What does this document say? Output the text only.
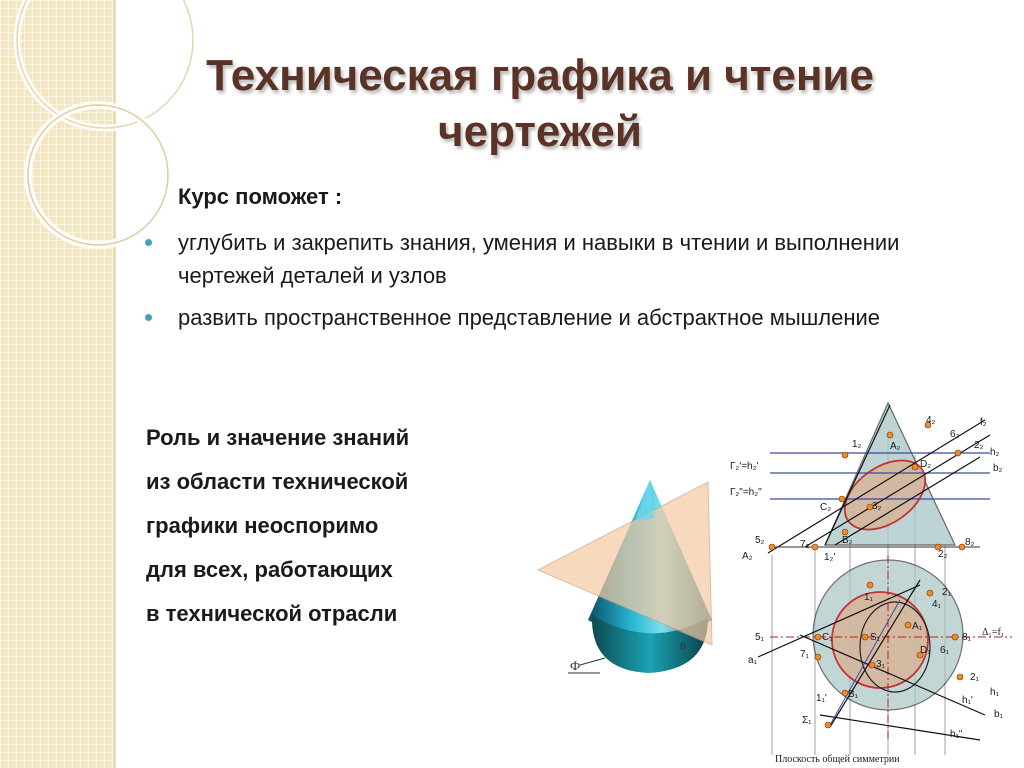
Техническая графика и чтение
чертежей
Курс поможет :
углубить и закрепить знания, умения и навыки в чтении и выполнении чертежей деталей и узлов
развить пространственное представление и абстрактное мышление
Роль и значение знаний
из области технической
графики неоспоримо
для всех, работающих
в технической отрасли
Ф
θ
f₂
h₂
b₂
Г₂'=h₂'
Г₂"=h₂"
1₂	A₂
4₂
6₂
2₂
D₂
C₂	3₂
B₂
5₂	7₂
1₂'	2₂
8₂
A₂
1₁	2₁
4₁
5₁	C₁	S₁
A₁
8₁ Δ₁=f₁
a₁
7₁	D₁ 6₁
3₁
2₁
h₁
B₁
1₁'	h₁'
Σ₁
b₁
h₁"
Плоскость общей симметрии
